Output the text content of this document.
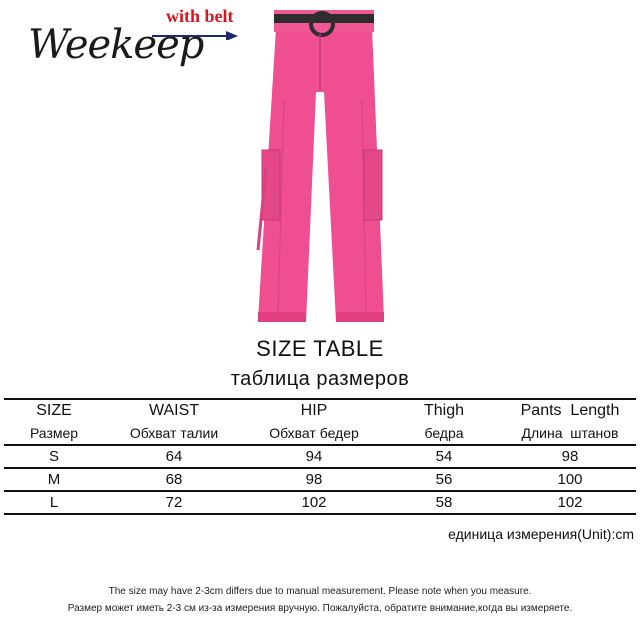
Weekeep
with belt
SIZE TABLE
таблица размеров
SIZE	WAIST	HIP	Thigh	Pants  Length
Размер	Обхват талии	Обхват бедер	бедра	Длина  штанов
S	64	94	54	98
M	68	98	56	100
L	72	102	58	102
единица измерения(Unit):cm
The size may have 2-3cm differs due to manual measurement. Please note when you measure.
Размер может иметь 2-3 см из-за измерения вручную. Пожалуйста, обратите внимание,когда вы измеряете.
